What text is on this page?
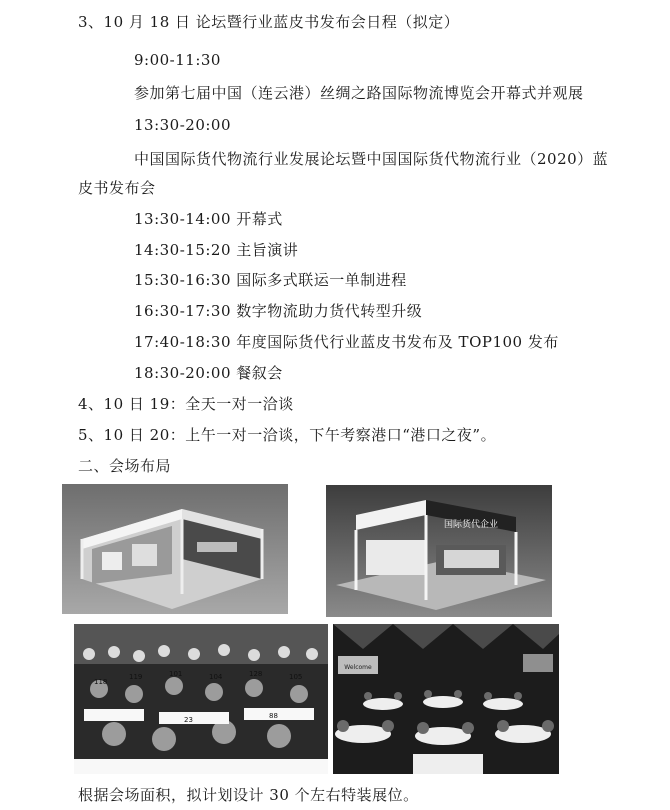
3、10 月 18 日 论坛暨行业蓝皮书发布会日程（拟定）
9:00-11:30
参加第七届中国（连云港）丝绸之路国际物流博览会开幕式并观展
13:30-20:00
中国国际货代物流行业发展论坛暨中国国际货代物流行业（2020）蓝
皮书发布会
13:30-14:00 开幕式
14:30-15:20 主旨演讲
15:30-16:30 国际多式联运一单制进程
16:30-17:30 数字物流助力货代转型升级
17:40-18:30 年度国际货代行业蓝皮书发布及 TOP100 发布
18:30-20:00 餐叙会
4、10 日 19：全天一对一洽谈
5、10 日 20：上午一对一洽谈，下午考察港口“港口之夜”。
二、会场布局
国际货代企业
118
119	101	104	128	105
23	88
Welcome
根据会场面积，拟计划设计 30 个左右特装展位。
